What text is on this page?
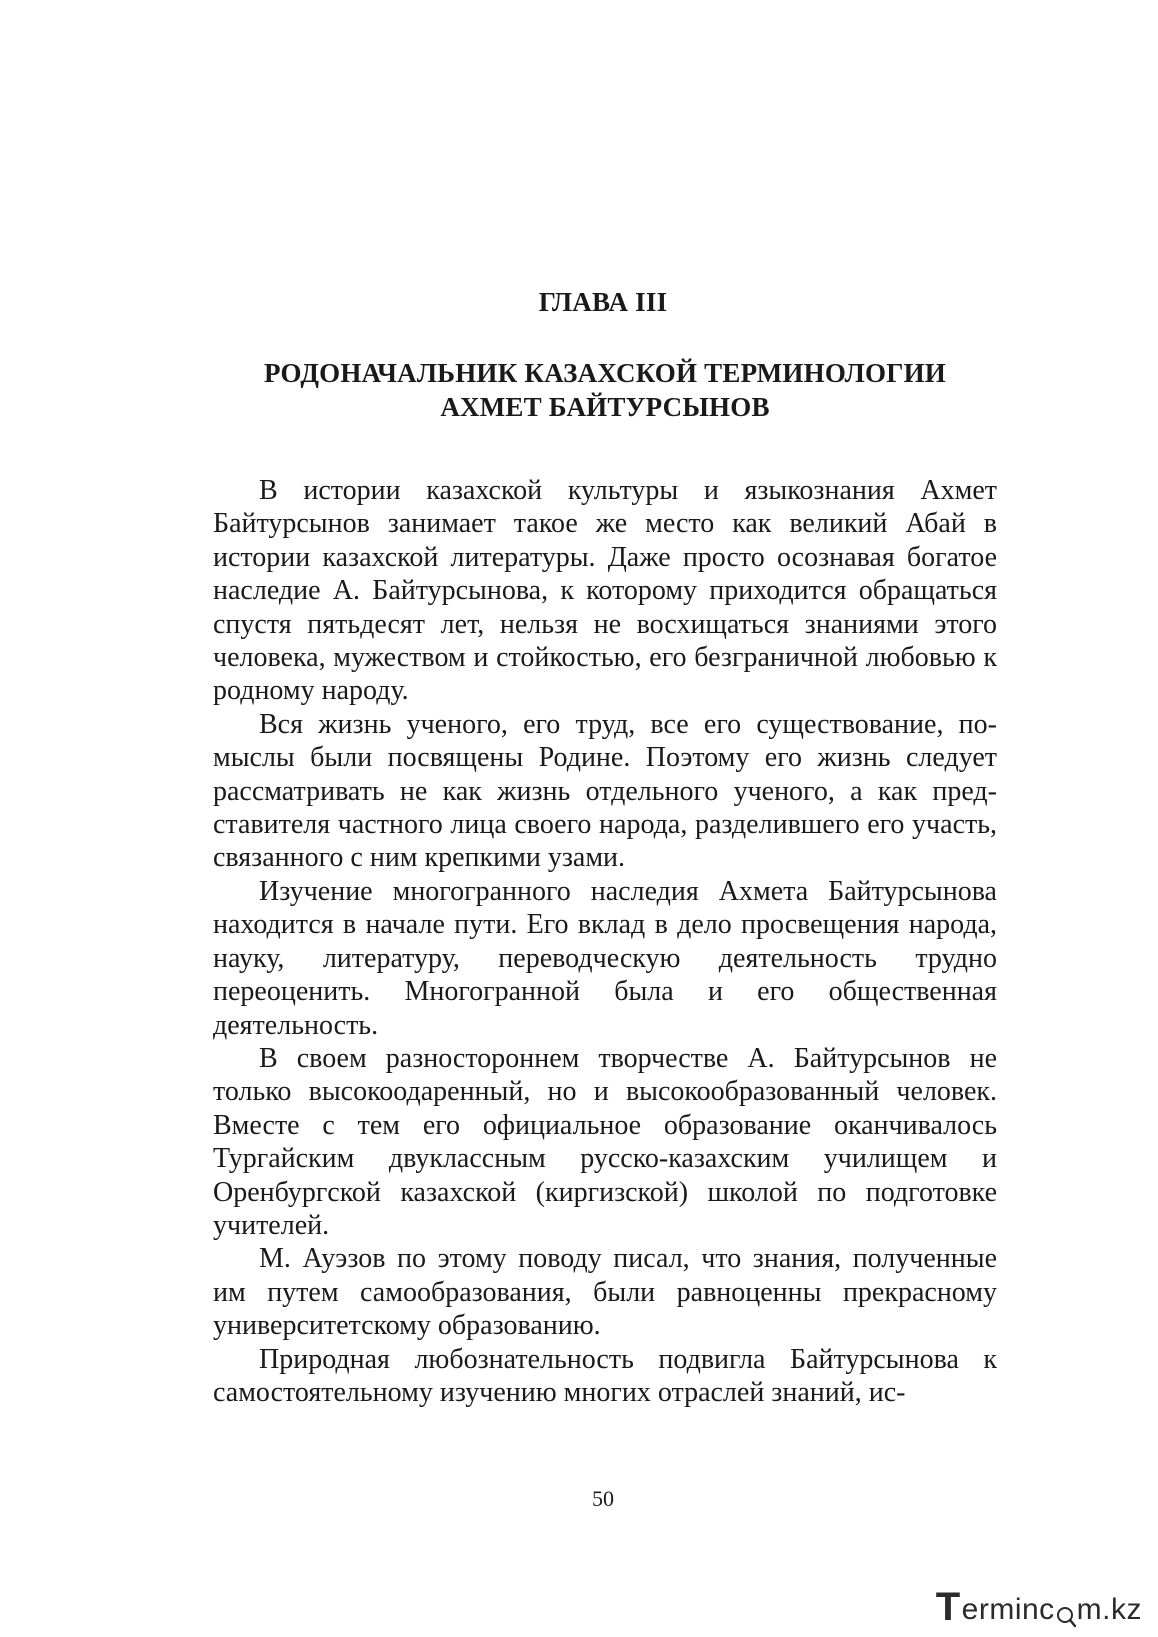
ГЛАВА III
РОДОНАЧАЛЬНИК КАЗАХСКОЙ ТЕРМИНОЛОГИИ
АХМЕТ БАЙТУРСЫНОВ

В истории казахской культуры и языкознания Ахмет Байтурсынов занимает такое же место как великий Абай в истории казахской литературы. Даже просто осознавая богатое наследие А. Байтурсынова, к которому приходится обращаться спустя пятьдесят лет, нельзя не восхищаться знаниями этого человека, мужеством и стойкостью, его безграничной любовью к родному народу.

Вся жизнь ученого, его труд, все его существование, помыслы были посвящены Родине. Поэтому его жизнь следует рассматривать не как жизнь отдельного ученого, а как представителя частного лица своего народа, разделившего его участь, связанного с ним крепкими узами.

Изучение многогранного наследия Ахмета Байтурсынова находится в начале пути. Его вклад в дело просвещения народа, науку, литературу, переводческую деятельность трудно переоценить. Многогранной была и его общественная деятельность.

В своем разностороннем творчестве А. Байтурсынов не только высокоодаренный, но и высокообразованный человек. Вместе с тем его официальное образование оканчивалось Тургайским двуклассным русско-казахским училищем и Оренбургской казахской (киргизской) школой по подготовке учителей.

М. Ауэзов по этому поводу писал, что знания, полученные им путем самообразования, были равноценны прекрасному университетскому образованию.

Природная любознательность подвигла Байтурсынова к самостоятельному изучению многих отраслей знаний, ис-

50
T erminc m.kz
